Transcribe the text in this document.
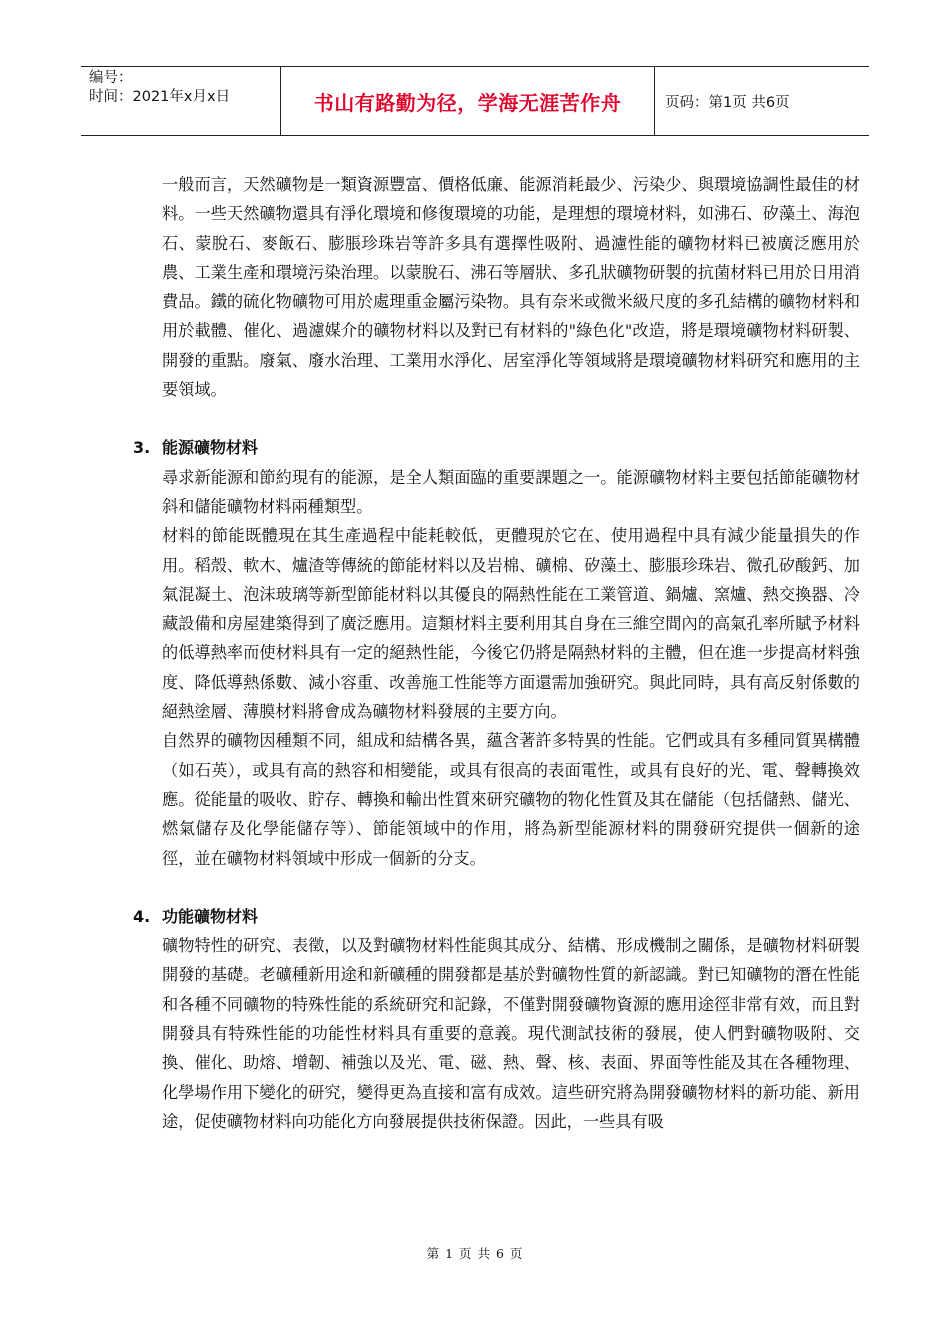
编号：
时间：2021年x月x日	书山有路勤为径，学海无涯苦作舟	页码：第1页 共6页

一般而言，天然礦物是一類資源豐富、價格低廉、能源消耗最少、污染少、與環境協調性最佳的材料。一些天然礦物還具有淨化環境和修復環境的功能，是理想的環境材料，如沸石、矽藻土、海泡石、蒙脫石、麥飯石、膨脹珍珠岩等許多具有選擇性吸附、過濾性能的礦物材料已被廣泛應用於農、工業生產和環境污染治理。以蒙脫石、沸石等層狀、多孔狀礦物研製的抗菌材料已用於日用消費品。鐵的硫化物礦物可用於處理重金屬污染物。具有奈米或微米級尺度的多孔結構的礦物材料和用於載體、催化、過濾媒介的礦物材料以及對已有材料的"綠色化"改造，將是環境礦物材料研製、開發的重點。廢氣、廢水治理、工業用水淨化、居室淨化等領域將是環境礦物材料研究和應用的主要領域。

3. 能源礦物材料

尋求新能源和節約現有的能源，是全人類面臨的重要課題之一。能源礦物材料主要包括節能礦物材斜和儲能礦物材料兩種類型。

材料的節能既體現在其生產過程中能耗較低，更體現於它在、使用過程中具有減少能量損失的作用。稻殼、軟木、爐渣等傳統的節能材料以及岩棉、礦棉、矽藻土、膨脹珍珠岩、微孔矽酸鈣、加氣混凝土、泡沫玻璃等新型節能材料以其優良的隔熱性能在工業管道、鍋爐、窯爐、熱交換器、冷藏設備和房屋建築得到了廣泛應用。這類材料主要利用其自身在三維空間內的高氣孔率所賦予材料的低導熱率而使材料具有一定的絕熱性能，今後它仍將是隔熱材料的主體，但在進一步提高材料強度、降低導熱係數、減小容重、改善施工性能等方面還需加強研究。與此同時，具有高反射係數的絕熱塗層、薄膜材料將會成為礦物材料發展的主要方向。

自然界的礦物因種類不同，組成和結構各異，蘊含著許多特異的性能。它們或具有多種同質異構體（如石英），或具有高的熱容和相變能，或具有很高的表面電性，或具有良好的光、電、聲轉換效應。從能量的吸收、貯存、轉換和輸出性質來研究礦物的物化性質及其在儲能（包括儲熱、儲光、燃氣儲存及化學能儲存等）、節能領域中的作用，將為新型能源材料的開發研究提供一個新的途徑，並在礦物材料領域中形成一個新的分支。

4. 功能礦物材料

礦物特性的研究、表徵，以及對礦物材料性能與其成分、結構、形成機制之關係，是礦物材料研製開發的基礎。老礦種新用途和新礦種的開發都是基於對礦物性質的新認識。對已知礦物的潛在性能和各種不同礦物的特殊性能的系統研究和記錄，不僅對開發礦物資源的應用途徑非常有效，而且對開發具有特殊性能的功能性材料具有重要的意義。現代測試技術的發展，使人們對礦物吸附、交換、催化、助熔、增韌、補強以及光、電、磁、熱、聲、核、表面、界面等性能及其在各種物理、化學場作用下變化的研究，變得更為直接和富有成效。這些研究將為開發礦物材料的新功能、新用途，促使礦物材料向功能化方向發展提供技術保證。因此，一些具有吸

第 1 页 共 6 页
